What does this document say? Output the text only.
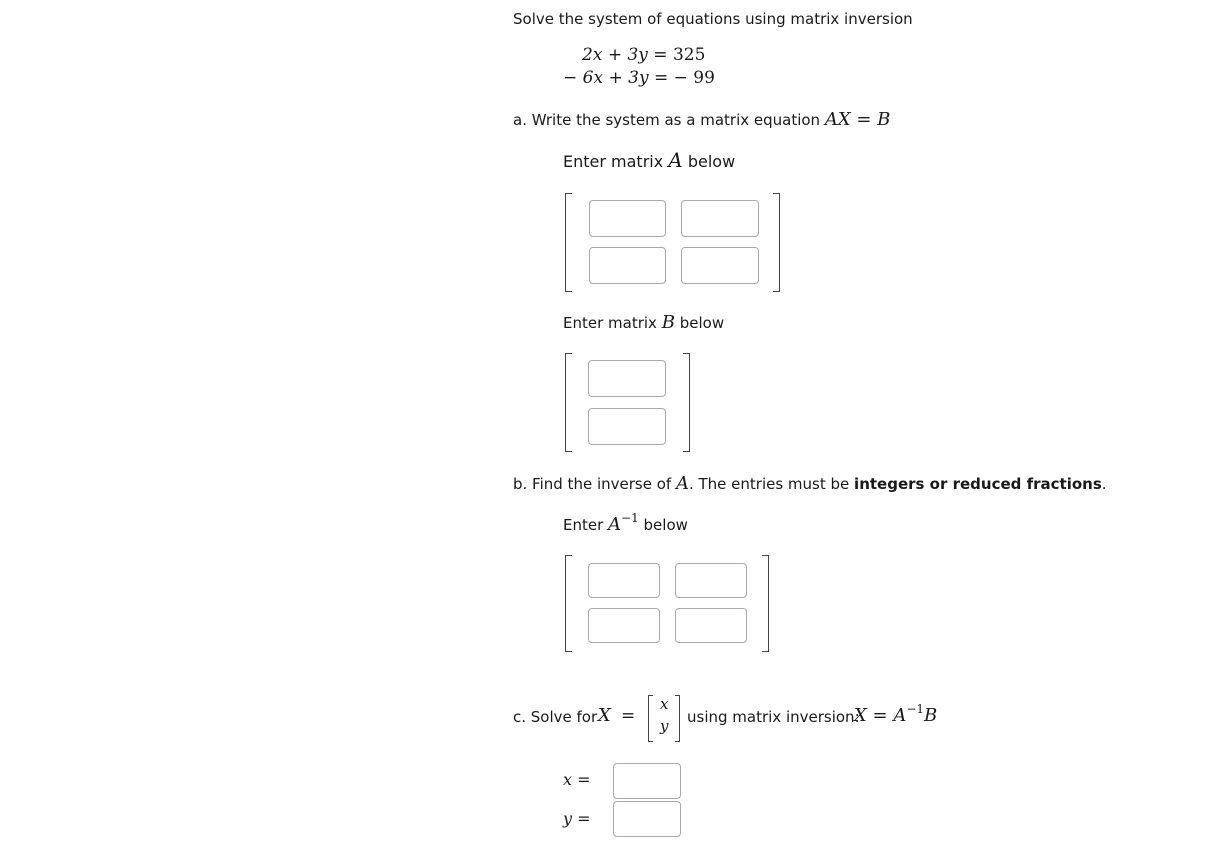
Solve the system of equations using matrix inversion
2x + 3y = 325
− 6x + 3y = − 99
a. Write the system as a matrix equation AX = B
Enter matrix A below
Enter matrix B below
b. Find the inverse of A. The entries must be integers or reduced fractions.
Enter $A^{-1}$ below
c. Solve for X =
x
y using matrix inversion:
$X = A^{-1}B$
x =
y =
